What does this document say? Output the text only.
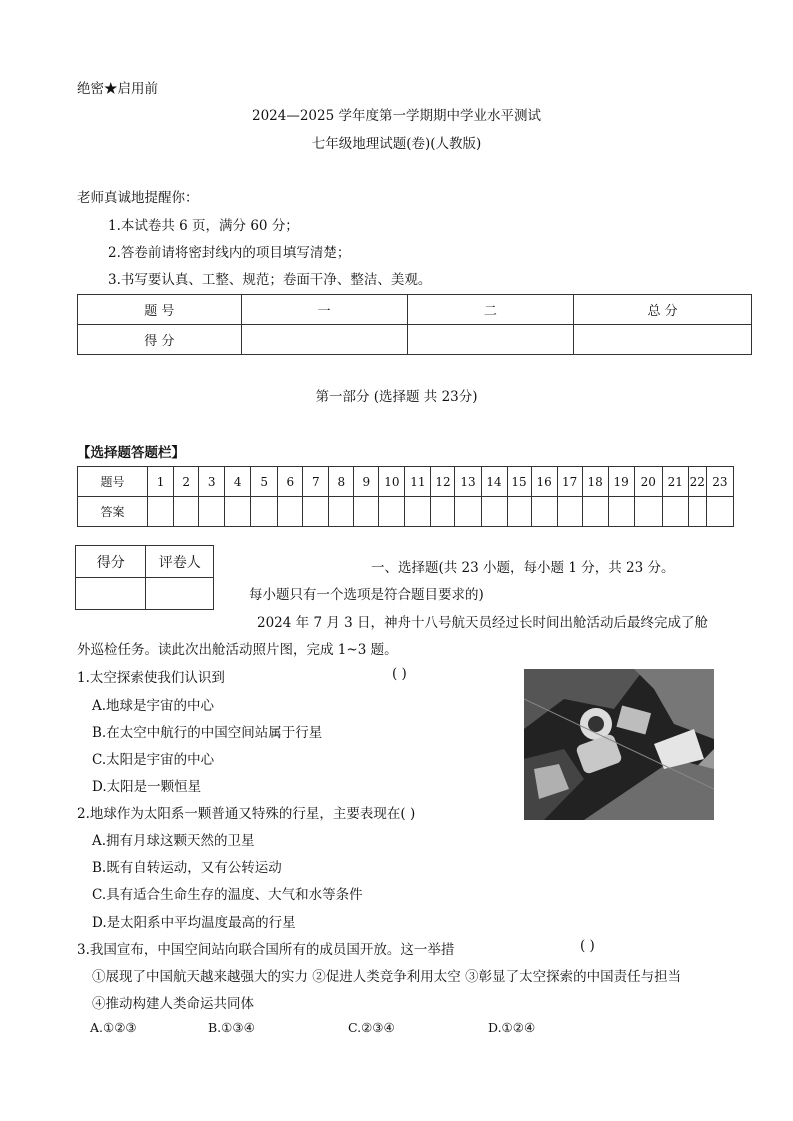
绝密★启用前
2024—2025 学年度第一学期期中学业水平测试
七年级地理试题(卷)(人教版)
老师真诚地提醒你：
1.本试卷共 6 页，满分 60 分；
2.答卷前请将密封线内的项目填写清楚；
3.书写要认真、工整、规范；卷面干净、整洁、美观。
题 号	一	二	总 分
得 分			
第一部分 (选择题 共 23分)
【选择题答题栏】
题号	1	2	3	4	5	6	7	8	9	10	11	12	13	14	15	16	17	18	19	20	21	22	23
答案																							
得分	评卷人
		一、选择题(共 23 小题，每小题 1 分，共 23 分。
每小题只有一个选项是符合题目要求的)
2024 年 7 月 3 日，神舟十八号航天员经过长时间出舱活动后最终完成了舱
外巡检任务。读此次出舱活动照片图，完成 1~3 题。
1.太空探索使我们认识到	( )
A.地球是宇宙的中心
B.在太空中航行的中国空间站属于行星
C.太阳是宇宙的中心
D.太阳是一颗恒星
2.地球作为太阳系一颗普通又特殊的行星，主要表现在( )
A.拥有月球这颗天然的卫星
B.既有自转运动，又有公转运动
C.具有适合生命生存的温度、大气和水等条件
D.是太阳系中平均温度最高的行星
3.我国宣布，中国空间站向联合国所有的成员国开放。这一举措	( )
①展现了中国航天越来越强大的实力 ②促进人类竞争利用太空 ③彰显了太空探索的中国责任与担当
④推动构建人类命运共同体
A.①②③	B.①③④	C.②③④	D.①②④
